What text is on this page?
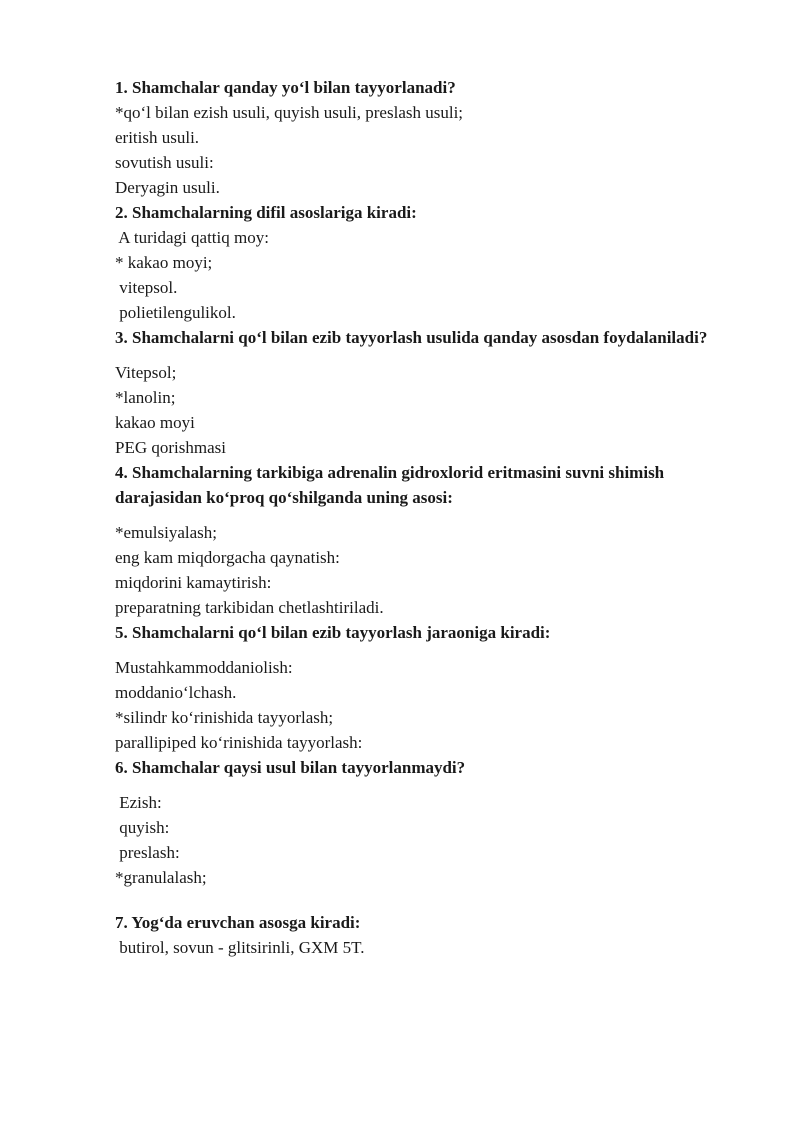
1. Shamchalar qanday yo‘l bilan tayyorlanadi?

*qo‘l bilan ezish usuli, quyish usuli, preslash usuli;
eritish usuli.
sovutish usuli:
Deryagin usuli.

2. Shamchalarning difil asoslariga kiradi:

A turidagi qattiq moy:
* kakao moyi;
vitepsol.
polietilengulikol.

3. Shamchalarni qo‘l bilan ezib tayyorlash usulida qanday asosdan foydalaniladi?

Vitepsol;
*lanolin;
kakao moyi
PEG qorishmasi

4. Shamchalarning tarkibiga adrenalin gidroxlorid eritmasini suvni shimish darajasidan ko‘proq qo‘shilganda uning asosi:

*emulsiyalash;
eng kam miqdorgacha qaynatish:
miqdorini kamaytirish:
preparatning tarkibidan chetlashtiriladi.

5. Shamchalarni qo‘l bilan ezib tayyorlash jaraoniga kiradi:

Mustahkammoddaniolish:
moddanio‘lchash.
*silindr ko‘rinishida tayyorlash;
parallipiped ko‘rinishida tayyorlash:

6. Shamchalar qaysi usul bilan tayyorlanmaydi?

Ezish:
quyish:
preslash:
*granulalash;

7. Yog‘da eruvchan asosga kiradi:

butirol, sovun - glitsirinli, GXM 5T.
